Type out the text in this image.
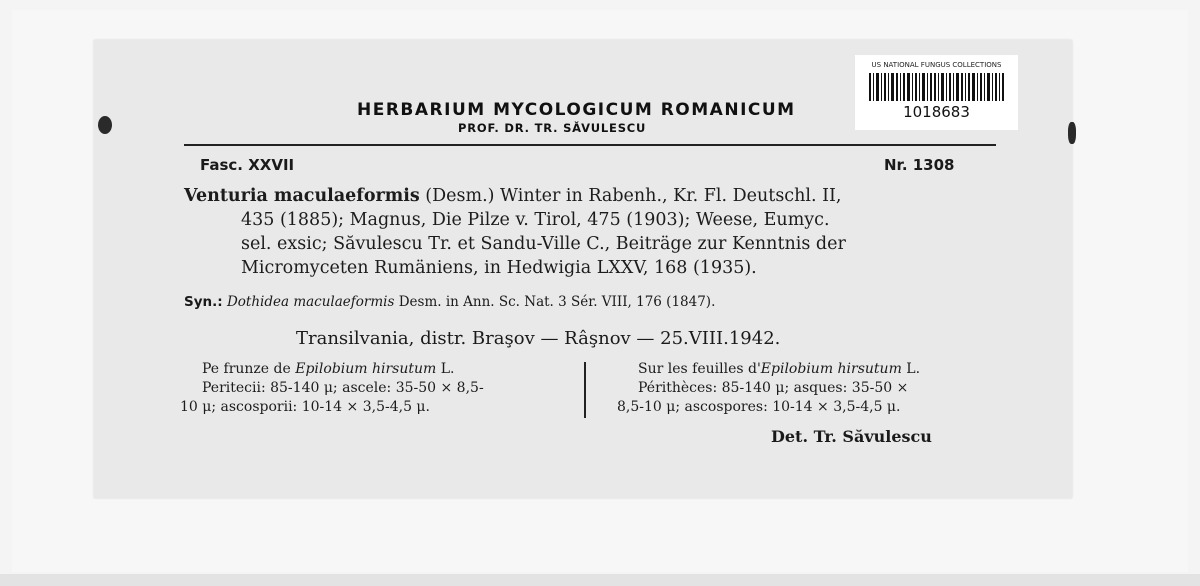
HERBARIUM MYCOLOGICUM ROMANICUM
PROF. DR. TR. SĂVULESCU
Fasc. XXVII	Nr. 1308
Venturia maculaeformis (Desm.) Winter in Rabenh., Kr. Fl. Deutschl. II,
435 (1885); Magnus, Die Pilze v. Tirol, 475 (1903); Weese, Eumyc.
sel. exsic; Săvulescu Tr. et Sandu-Ville C., Beiträge zur Kenntnis der
Micromyceten Rumäniens, in Hedwigia LXXV, 168 (1935).
Syn.: Dothidea maculaeformis Desm. in Ann. Sc. Nat. 3 Sér. VIII, 176 (1847).
Transilvania, distr. Braşov — Râşnov — 25.VIII.1942.
Pe frunze de Epilobium hirsutum L.
Peritecii: 85-140 μ; ascele: 35-50 × 8,5-
10 μ; ascosporii: 10-14 × 3,5-4,5 μ.
Sur les feuilles d'Epilobium hirsutum L.
Périthèces: 85-140 μ; asques: 35-50 ×
8,5-10 μ; ascospores: 10-14 × 3,5-4,5 μ.
Det. Tr. Săvulescu
US NATIONAL FUNGUS COLLECTIONS
1018683
